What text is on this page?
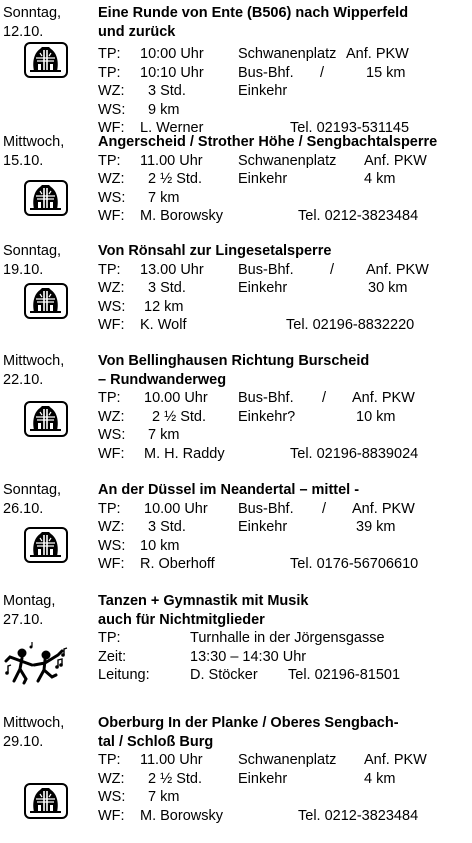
Sonntag,
12.10.
Eine Runde von Ente (B506) nach Wipperfeld
und zurück
TP: 10:00 Uhr Schwanenplatz Anf. PKW
TP: 10:10 Uhr Bus-Bhf. /	15 km
WZ: 3 Std.	Einkehr
WS: 9 km
WF: L. Werner	Tel. 02193-531145
Mittwoch,
15.10.
Angerscheid / Strother Höhe / Sengbachtalsperre
TP: 11.00 Uhr Schwanenplatz Anf. PKW
WZ: 2 ½ Std. Einkehr	4 km
WS: 7 km
WF: M. Borowsky	Tel. 0212-3823484
Sonntag,
19.10.
Von Rönsahl zur Lingesetalsperre
TP: 13.00 Uhr Bus-Bhf.	/ Anf. PKW
WZ: 3 Std.	Einkehr	30 km
WS: 12 km
WF: K. Wolf	Tel. 02196-8832220
Mittwoch,
22.10.
Von Bellinghausen Richtung Burscheid
– Rundwanderweg
TP: 10.00 Uhr Bus-Bhf. / Anf. PKW
WZ: 2 ½ Std. Einkehr?	10 km
WS: 7 km
WF: M. H. Raddy	Tel. 02196-8839024
Sonntag,
26.10.
An der Düssel im Neandertal – mittel -
TP: 10.00 Uhr Bus-Bhf. / Anf. PKW
WZ: 3 Std.	Einkehr	39 km
WS: 10 km
WF: R. Oberhoff	Tel. 0176-56706610
Montag,
27.10.
Tanzen + Gymnastik mit Musik
auch für Nichtmitglieder
TP:	Turnhalle in der Jörgensgasse
Zeit:	13:30 – 14:30 Uhr
Leitung:	D. Stöcker Tel. 02196-81501
Mittwoch,
29.10.
Oberburg In der Planke / Oberes Sengbach-
tal / Schloß Burg
TP: 11.00 Uhr Schwanenplatz Anf. PKW
WZ: 2 ½ Std. Einkehr	4 km
WS: 7 km
WF: M. Borowsky	Tel. 0212-3823484
